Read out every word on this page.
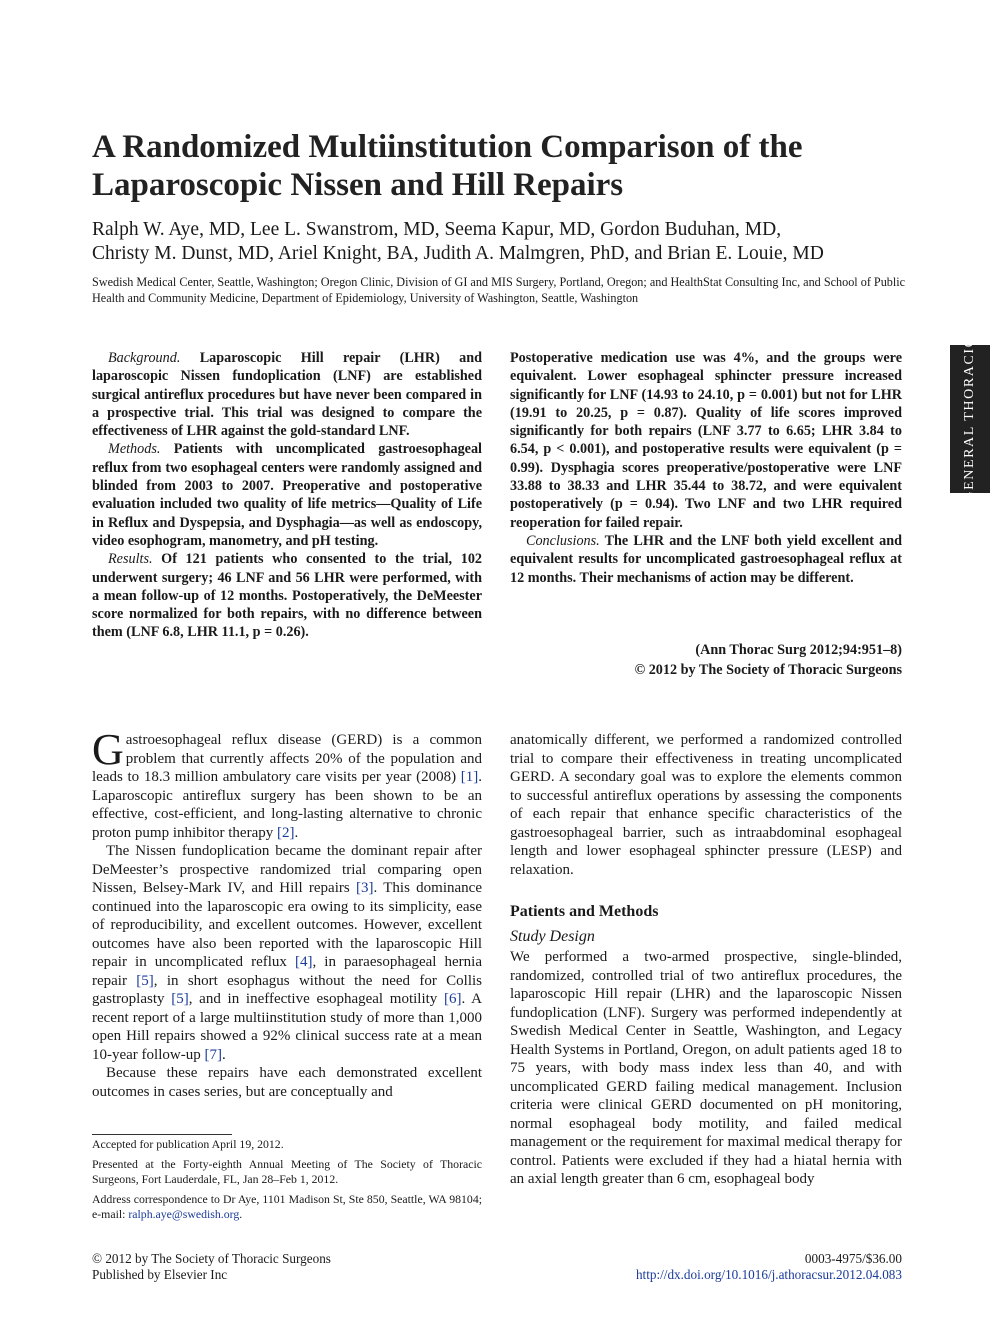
A Randomized Multiinstitution Comparison of the Laparoscopic Nissen and Hill Repairs
Ralph W. Aye, MD, Lee L. Swanstrom, MD, Seema Kapur, MD, Gordon Buduhan, MD,
Christy M. Dunst, MD, Ariel Knight, BA, Judith A. Malmgren, PhD, and Brian E. Louie, MD
Swedish Medical Center, Seattle, Washington; Oregon Clinic, Division of GI and MIS Surgery, Portland, Oregon; and HealthStat Consulting Inc, and School of Public Health and Community Medicine, Department of Epidemiology, University of Washington, Seattle, Washington
GENERAL THORACIC

Background. Laparoscopic Hill repair (LHR) and laparoscopic Nissen fundoplication (LNF) are established surgical antireflux procedures but have never been compared in a prospective trial. This trial was designed to compare the effectiveness of LHR against the gold-standard LNF.

Methods. Patients with uncomplicated gastroesophageal reflux from two esophageal centers were randomly assigned and blinded from 2003 to 2007. Preoperative and postoperative evaluation included two quality of life metrics—Quality of Life in Reflux and Dyspepsia, and Dysphagia—as well as endoscopy, video esophogram, manometry, and pH testing.

Results. Of 121 patients who consented to the trial, 102 underwent surgery; 46 LNF and 56 LHR were performed, with a mean follow-up of 12 months. Postoperatively, the DeMeester score normalized for both repairs, with no difference between them (LNF 6.8, LHR 11.1, p = 0.26).

Postoperative medication use was 4%, and the groups were equivalent. Lower esophageal sphincter pressure increased significantly for LNF (14.93 to 24.10, p = 0.001) but not for LHR (19.91 to 20.25, p = 0.87). Quality of life scores improved significantly for both repairs (LNF 3.77 to 6.65; LHR 3.84 to 6.54, p < 0.001), and postoperative results were equivalent (p = 0.99). Dysphagia scores preoperative/postoperative were LNF 33.88 to 38.33 and LHR 35.44 to 38.72, and were equivalent postoperatively (p = 0.94). Two LNF and two LHR required reoperation for failed repair.

Conclusions. The LHR and the LNF both yield excellent and equivalent results for uncomplicated gastroesophageal reflux at 12 months. Their mechanisms of action may be different.

(Ann Thorac Surg 2012;94:951–8)
© 2012 by The Society of Thoracic Surgeons

Gastroesophageal reflux disease (GERD) is a common problem that currently affects 20% of the population and leads to 18.3 million ambulatory care visits per year (2008) [1]. Laparoscopic antireflux surgery has been shown to be an effective, cost-efficient, and long-lasting alternative to chronic proton pump inhibitor therapy [2].

The Nissen fundoplication became the dominant repair after DeMeester’s prospective randomized trial comparing open Nissen, Belsey-Mark IV, and Hill repairs [3]. This dominance continued into the laparoscopic era owing to its simplicity, ease of reproducibility, and excellent outcomes. However, excellent outcomes have also been reported with the laparoscopic Hill repair in uncomplicated reflux [4], in paraesophageal hernia repair [5], in short esophagus without the need for Collis gastroplasty [5], and in ineffective esophageal motility [6]. A recent report of a large multiinstitution study of more than 1,000 open Hill repairs showed a 92% clinical success rate at a mean 10-year follow-up [7].

Because these repairs have each demonstrated excellent outcomes in cases series, but are conceptually and

anatomically different, we performed a randomized controlled trial to compare their effectiveness in treating uncomplicated GERD. A secondary goal was to explore the elements common to successful antireflux operations by assessing the components of each repair that enhance specific characteristics of the gastroesophageal barrier, such as intraabdominal esophageal length and lower esophageal sphincter pressure (LESP) and relaxation.

Patients and Methods
Study Design

We performed a two-armed prospective, single-blinded, randomized, controlled trial of two antireflux procedures, the laparoscopic Hill repair (LHR) and the laparoscopic Nissen fundoplication (LNF). Surgery was performed independently at Swedish Medical Center in Seattle, Washington, and Legacy Health Systems in Portland, Oregon, on adult patients aged 18 to 75 years, with body mass index less than 40, and with uncomplicated GERD failing medical management. Inclusion criteria were clinical GERD documented on pH monitoring, normal esophageal body motility, and failed medical management or the requirement for maximal medical therapy for control. Patients were excluded if they had a hiatal hernia with an axial length greater than 6 cm, esophageal body

Accepted for publication April 19, 2012.

Presented at the Forty-eighth Annual Meeting of The Society of Thoracic Surgeons, Fort Lauderdale, FL, Jan 28–Feb 1, 2012.

Address correspondence to Dr Aye, 1101 Madison St, Ste 850, Seattle, WA 98104; e-mail: ralph.aye@swedish.org.

© 2012 by The Society of Thoracic Surgeons
Published by Elsevier Inc
0003-4975/$36.00
http://dx.doi.org/10.1016/j.athoracsur.2012.04.083
